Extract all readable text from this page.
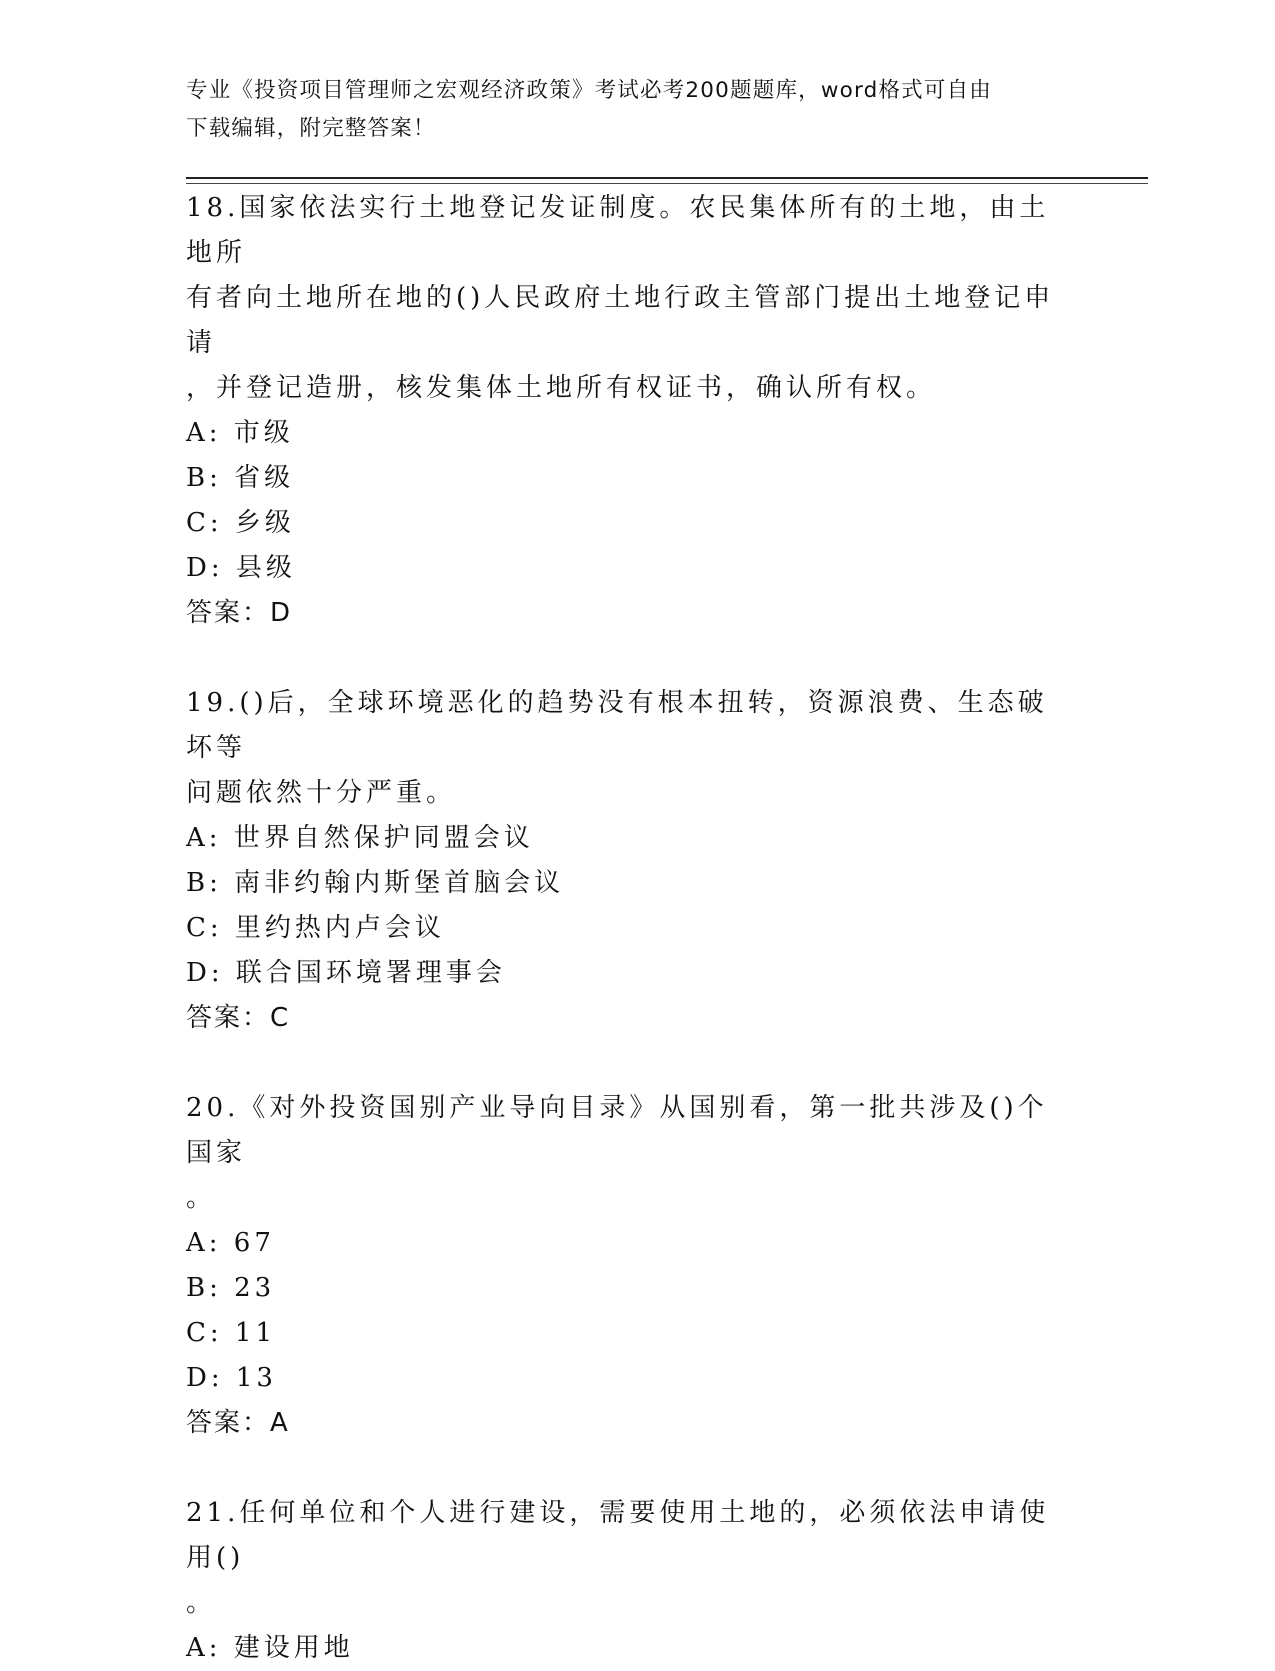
专业《投资项目管理师之宏观经济政策》考试必考200题题库，word格式可自由
下载编辑，附完整答案！
18.国家依法实行土地登记发证制度。农民集体所有的土地，由土地所
有者向土地所在地的()人民政府土地行政主管部门提出土地登记申请
，并登记造册，核发集体土地所有权证书，确认所有权。
A: 市级
B: 省级
C: 乡级
D: 县级
答案：D
19.()后，全球环境恶化的趋势没有根本扭转，资源浪费、生态破坏等
问题依然十分严重。
A: 世界自然保护同盟会议
B: 南非约翰内斯堡首脑会议
C: 里约热内卢会议
D: 联合国环境署理事会
答案：C
20.《对外投资国别产业导向目录》从国别看，第一批共涉及()个国家
。
A: 67
B: 23
C: 11
D: 13
答案：A
21.任何单位和个人进行建设，需要使用土地的，必须依法申请使用()
。
A: 建设用地
